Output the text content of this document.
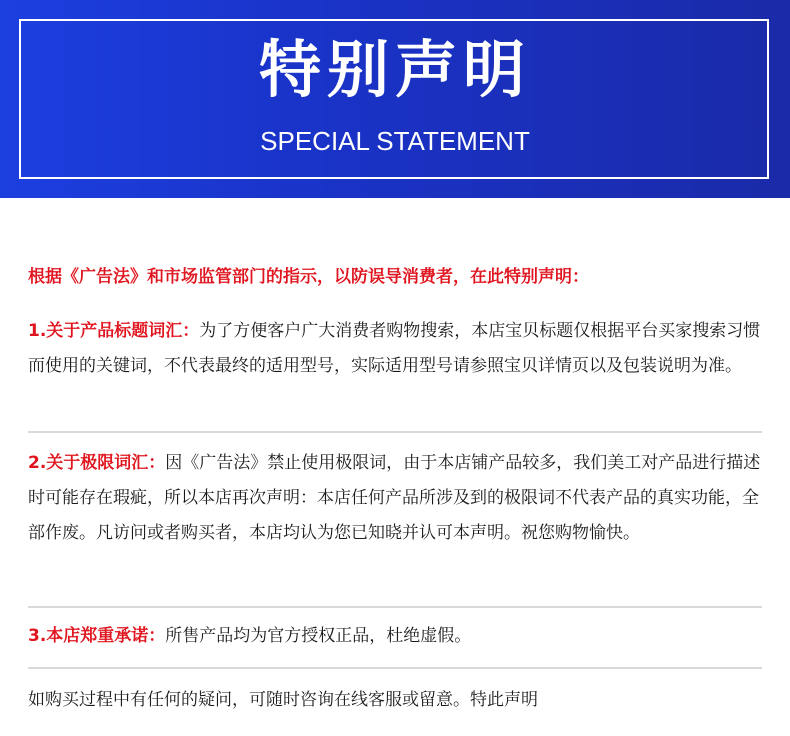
特别声明
SPECIAL STATEMENT
根据《广告法》和市场监管部门的指示，以防误导消费者，在此特别声明：
1.关于产品标题词汇：为了方便客户广大消费者购物搜索，本店宝贝标题仅根据平台买家搜索习惯而使用的关键词，不代表最终的适用型号，实际适用型号请参照宝贝详情页以及包装说明为准。
2.关于极限词汇：因《广告法》禁止使用极限词，由于本店铺产品较多，我们美工对产品进行描述时可能存在瑕疵，所以本店再次声明：本店任何产品所涉及到的极限词不代表产品的真实功能，全部作废。凡访问或者购买者，本店均认为您已知晓并认可本声明。祝您购物愉快。
3.本店郑重承诺：所售产品均为官方授权正品，杜绝虚假。
如购买过程中有任何的疑问，可随时咨询在线客服或留意。特此声明
